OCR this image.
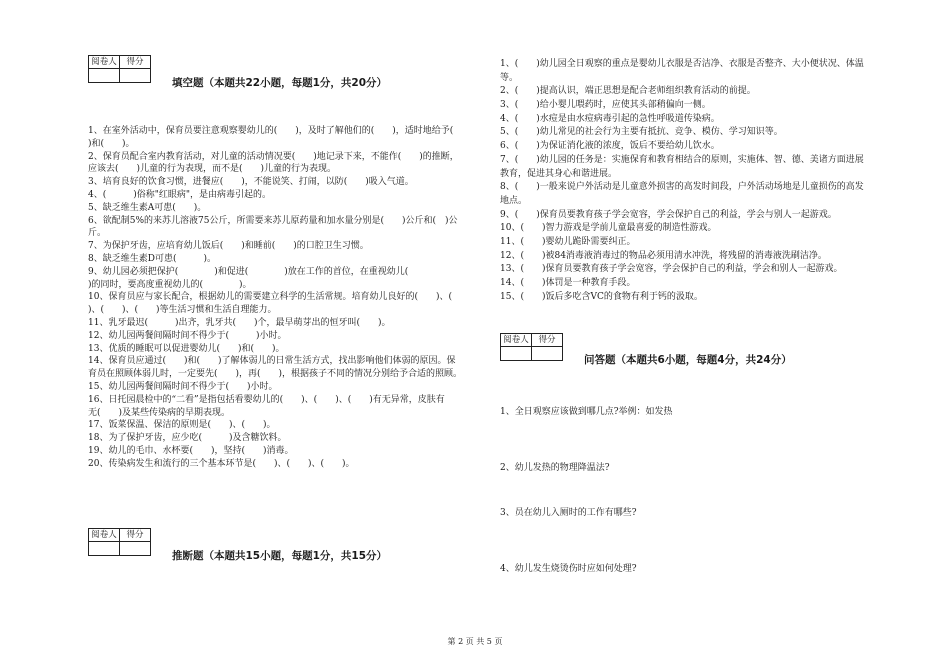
阅卷人	得分

填空题（本题共22小题，每题1分，共20分）
1、在室外活动中，保育员要注意观察婴幼儿的(　　)，及时了解他们的(　　)，适时地给予(
)和(　　)。
2、保育员配合室内教育活动，对儿童的活动情况要(　　)地记录下来，不能作(　　)的推断，
应该去(　　)儿童的行为表现，而不是(　　)儿童的行为表现。
3、培育良好的饮食习惯，进餐应(　　)，不能说笑、打闹，以防(　　)吸入气道。
4、(　　　)俗称"红眼病"，是由病毒引起的。
5、缺乏维生素A可患(　　)。
6、欲配制5%的来苏儿溶液75公斤，所需要来苏儿原药量和加水量分别是(　　)公斤和(　)公
斤。
7、为保护牙齿，应培育幼儿饭后(　　)和睡前(　　)的口腔卫生习惯。
8、缺乏维生素D可患(　　　)。
9、幼儿园必须把保护(　　　　)和促进(　　　　)放在工作的首位，在重视幼儿(
)的同时，要高度重视幼儿的(　　　　)。
10、保育员应与家长配合，根据幼儿的需要建立科学的生活常规。培育幼儿良好的(　　)、(
)、(　　)、(　　)等生活习惯和生活自理能力。
11、乳牙最迟(　　　)出齐，乳牙共(　　)个，最早萌芽出的恒牙叫(　　)。
12、幼儿园两餐间隔时间不得少于(　　　)小时。
13、优质的睡眠可以促进婴幼儿(　　)和(　　)。
14、保育员应通过(　　)和(　　)了解体弱儿的日常生活方式，找出影响他们体弱的原因。保
育员在照顾体弱儿时，一定要先(　　)，再(　　)，根据孩子不同的情况分别给予合适的照顾。
15、幼儿园两餐间隔时间不得少于(　　)小时。
16、日托园晨检中的“二看”是指包括看婴幼儿的(　　)、(　　)、(　　)有无异常，皮肤有
无(　　)及某些传染病的早期表现。
17、饭菜保温、保洁的原则是(　　)、(　　)。
18、为了保护牙齿，应少吃(　　　)及含糖饮料。
19、幼儿的毛巾、水杯要(　　)，坚持(　　)消毒。
20、传染病发生和流行的三个基本环节是(　　)、(　　)、(　　)。
阅卷人	得分

推断题（本题共15小题，每题1分，共15分）
1、(　　)幼儿园全日观察的重点是婴幼儿衣服是否洁净、衣服是否整齐、大小便状况、体温
等。
2、(　　)提高认识，端正思想是配合老师组织教育活动的前提。
3、(　　)给小婴儿喂药时，应使其头部稍偏向一侧。
4、(　　)水痘是由水痘病毒引起的急性呼吸道传染病。
5、(　　)幼儿常见的社会行为主要有抵抗、竞争、模仿、学习知识等。
6、(　　)为保证消化液的浓度，饭后不要给幼儿饮水。
7、(　　)幼儿园的任务是：实施保育和教育相结合的原则，实施体、智、德、美诸方面进展
教育，促进其身心和谐进展。
8、(　　)一般来说户外活动是儿童意外损害的高发时间段，户外活动场地是儿童损伤的高发
地点。
9、(　　)保育员要教育孩子学会宽容，学会保护自己的利益，学会与别人一起游戏。
10、(　　)智力游戏是学前儿童最喜爱的制造性游戏。
11、(　　)婴幼儿跪卧需要纠正。
12、(　　)被84消毒液消毒过的物品必须用清水冲洗，将残留的消毒液洗刷洁净。
13、(　　)保育员要教育孩子学会宽容，学会保护自己的利益，学会和别人一起游戏。
14、(　　)体罚是一种教育手段。
15、(　　)饭后多吃含VC的食物有利于钙的汲取。
阅卷人	得分

问答题（本题共6小题，每题4分，共24分）
1、全日观察应该做到哪几点?举例：如发热
2、幼儿发热的物理降温法?
3、员在幼儿入厕时的工作有哪些?
4、幼儿发生烧烫伤时应如何处理?
第 2 页 共 5 页
